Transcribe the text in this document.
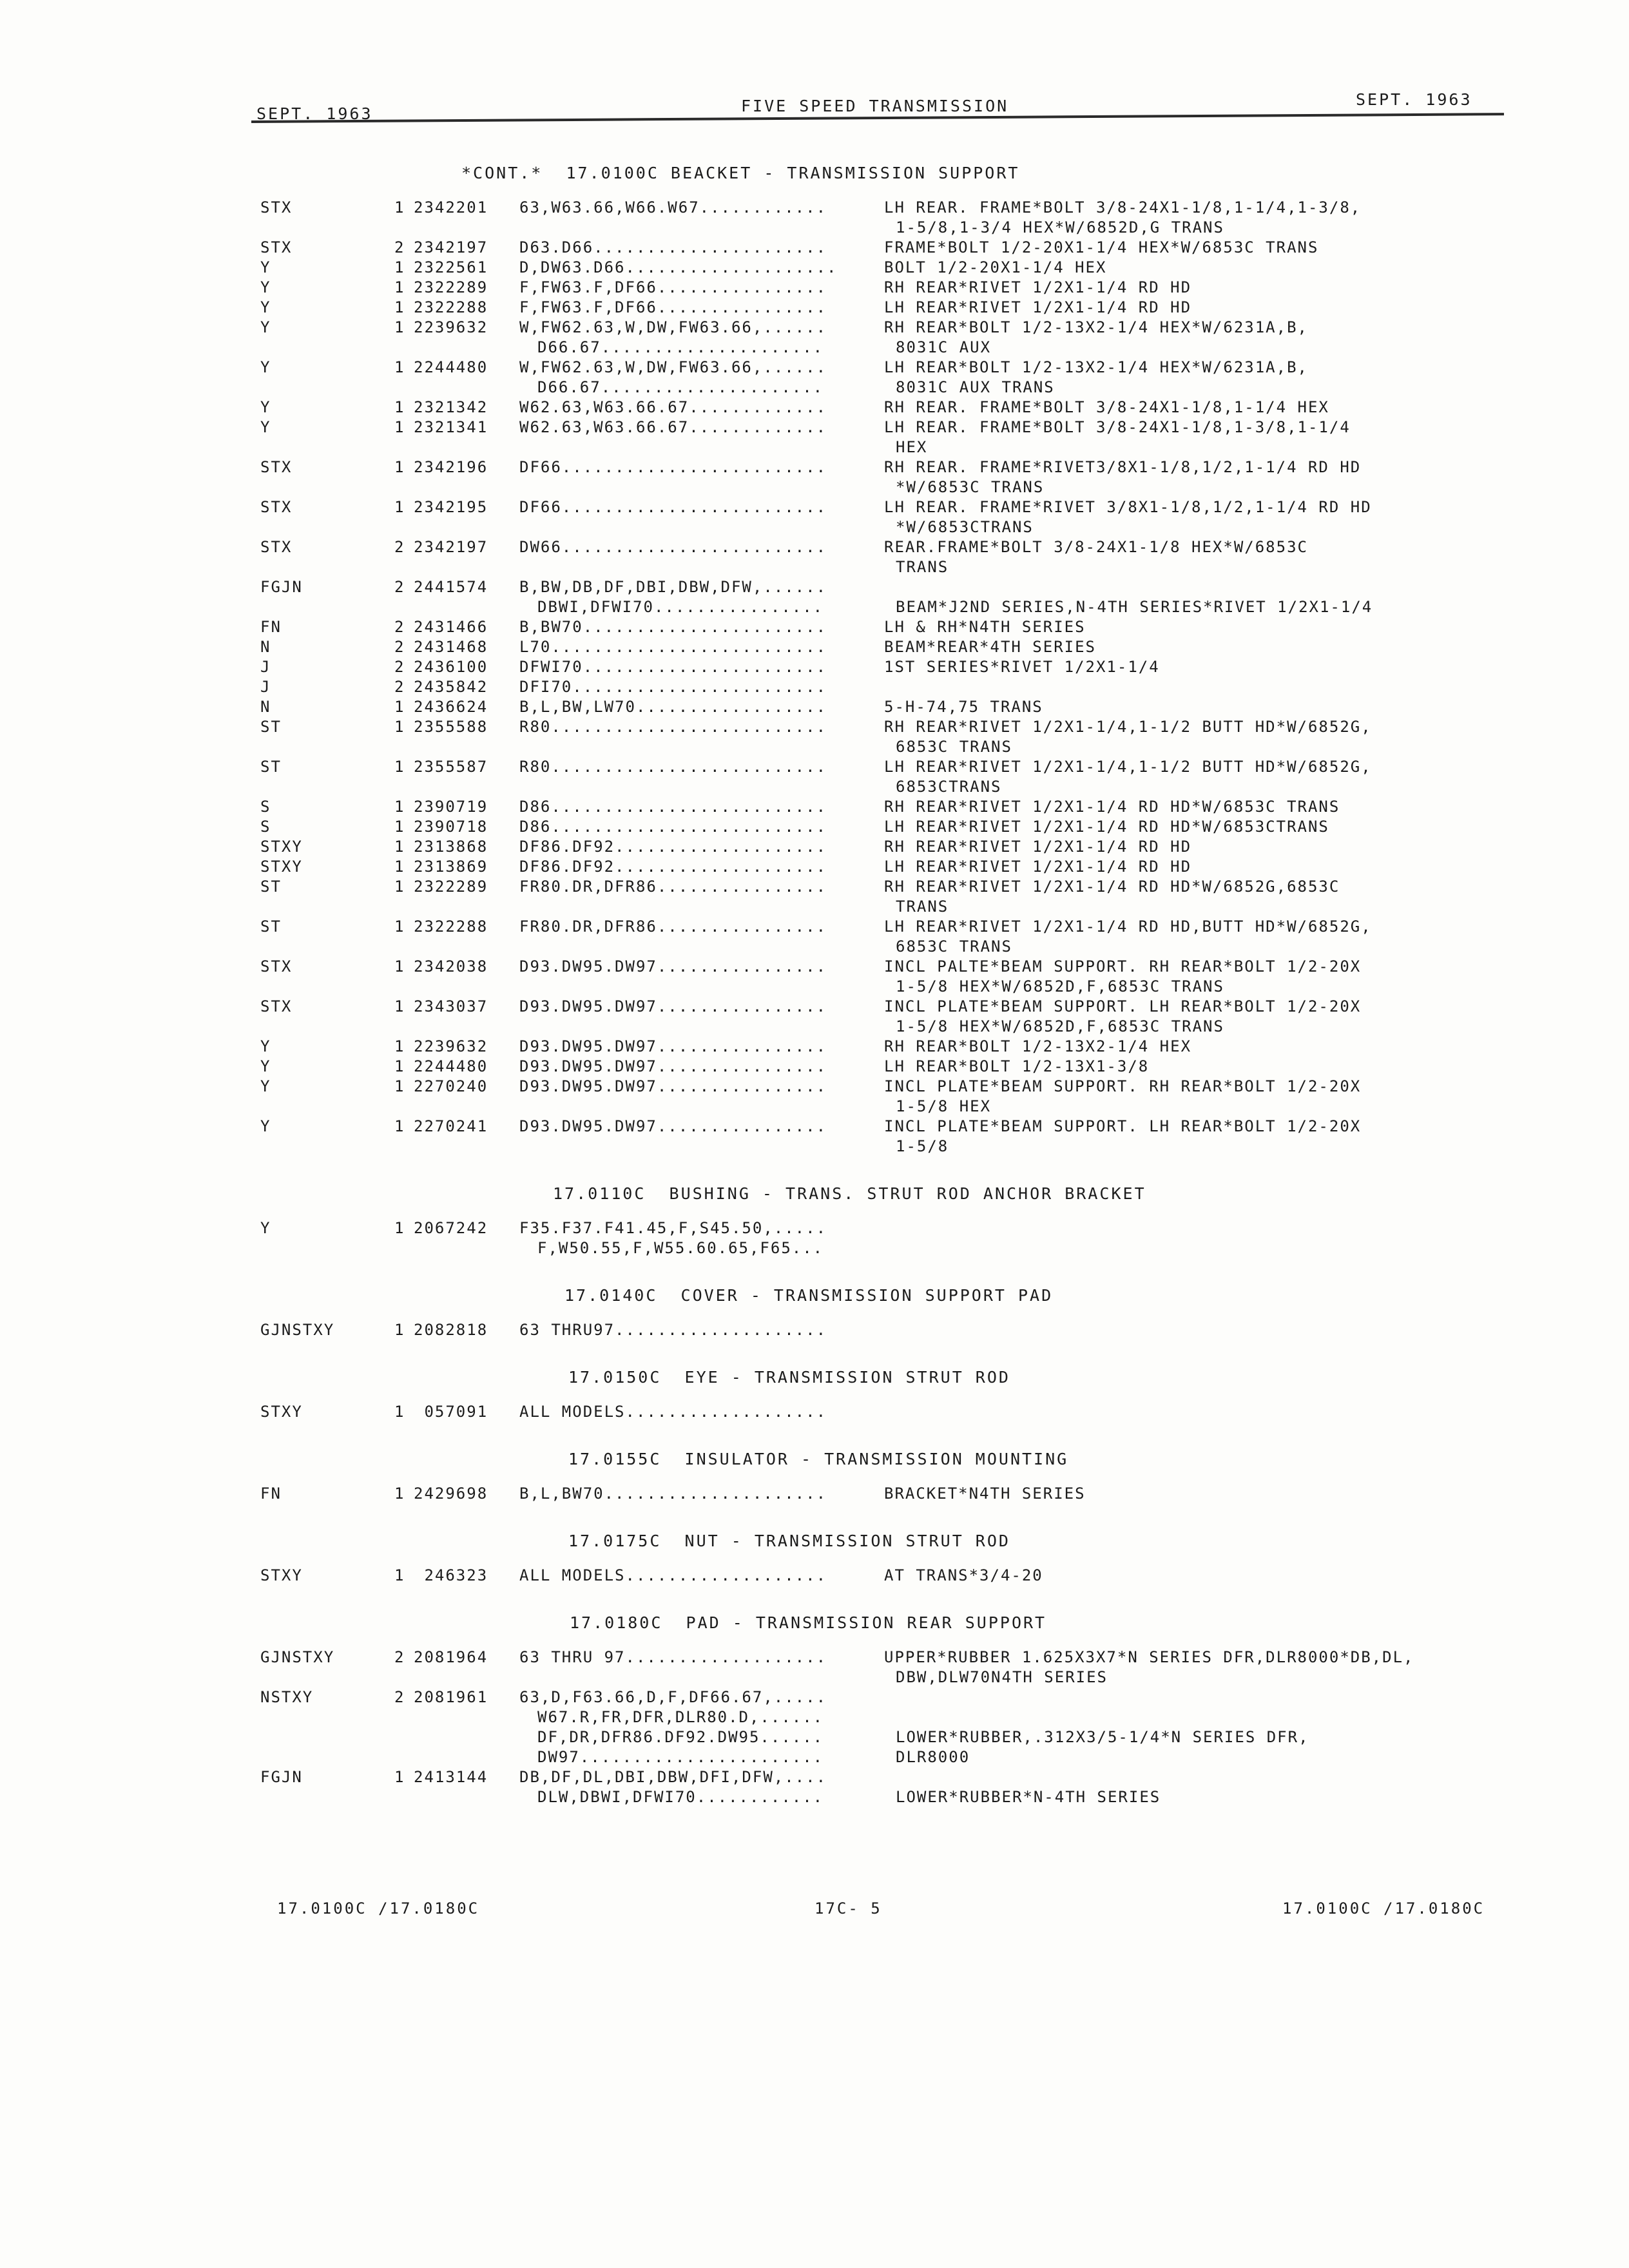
SEPT. 1963	FIVE SPEED TRANSMISSION	SEPT. 1963
*CONT.*  17.0100C BEACKET - TRANSMISSION SUPPORT
STX	1 2342201 63,W63.66,W66.W67............	LH REAR. FRAME*BOLT 3/8-24X1-1/8,1-1/4,1-3/8,
1-5/8,1-3/4 HEX*W/6852D,G TRANS
STX	2 2342197 D63.D66......................	FRAME*BOLT 1/2-20X1-1/4 HEX*W/6853C TRANS
Y	1 2322561 D,DW63.D66....................	BOLT 1/2-20X1-1/4 HEX
Y	1 2322289 F,FW63.F,DF66................	RH REAR*RIVET 1/2X1-1/4 RD HD
Y	1 2322288 F,FW63.F,DF66................	LH REAR*RIVET 1/2X1-1/4 RD HD
Y	1 2239632 W,FW62.63,W,DW,FW63.66,......	RH REAR*BOLT 1/2-13X2-1/4 HEX*W/6231A,B,
D66.67.....................	8031C AUX
Y	1 2244480 W,FW62.63,W,DW,FW63.66,......	LH REAR*BOLT 1/2-13X2-1/4 HEX*W/6231A,B,
D66.67.....................	8031C AUX TRANS
Y	1 2321342 W62.63,W63.66.67.............	RH REAR. FRAME*BOLT 3/8-24X1-1/8,1-1/4 HEX
Y	1 2321341 W62.63,W63.66.67.............	LH REAR. FRAME*BOLT 3/8-24X1-1/8,1-3/8,1-1/4
HEX
STX	1 2342196 DF66.........................	RH REAR. FRAME*RIVET3/8X1-1/8,1/2,1-1/4 RD HD
*W/6853C TRANS
STX	1 2342195 DF66.........................	LH REAR. FRAME*RIVET 3/8X1-1/8,1/2,1-1/4 RD HD
*W/6853CTRANS
STX	2 2342197 DW66.........................	REAR.FRAME*BOLT 3/8-24X1-1/8 HEX*W/6853C
TRANS
FGJN	2 2441574 B,BW,DB,DF,DBI,DBW,DFW,......
DBWI,DFWI70................	BEAM*J2ND SERIES,N-4TH SERIES*RIVET 1/2X1-1/4
FN	2 2431466 B,BW70.......................	LH & RH*N4TH SERIES
N	2 2431468 L70..........................	BEAM*REAR*4TH SERIES
J	2 2436100 DFWI70.......................	1ST SERIES*RIVET 1/2X1-1/4
J	2 2435842 DFI70........................
N	1 2436624 B,L,BW,LW70..................	5-H-74,75 TRANS
ST	1 2355588 R80..........................	RH REAR*RIVET 1/2X1-1/4,1-1/2 BUTT HD*W/6852G,
6853C TRANS
ST	1 2355587 R80..........................	LH REAR*RIVET 1/2X1-1/4,1-1/2 BUTT HD*W/6852G,
6853CTRANS
S	1 2390719 D86..........................	RH REAR*RIVET 1/2X1-1/4 RD HD*W/6853C TRANS
S	1 2390718 D86..........................	LH REAR*RIVET 1/2X1-1/4 RD HD*W/6853CTRANS
STXY	1 2313868 DF86.DF92....................	RH REAR*RIVET 1/2X1-1/4 RD HD
STXY	1 2313869 DF86.DF92....................	LH REAR*RIVET 1/2X1-1/4 RD HD
ST	1 2322289 FR80.DR,DFR86................	RH REAR*RIVET 1/2X1-1/4 RD HD*W/6852G,6853C
TRANS
ST	1 2322288 FR80.DR,DFR86................	LH REAR*RIVET 1/2X1-1/4 RD HD,BUTT HD*W/6852G,
6853C TRANS
STX	1 2342038 D93.DW95.DW97................	INCL PALTE*BEAM SUPPORT. RH REAR*BOLT 1/2-20X
1-5/8 HEX*W/6852D,F,6853C TRANS
STX	1 2343037 D93.DW95.DW97................	INCL PLATE*BEAM SUPPORT. LH REAR*BOLT 1/2-20X
1-5/8 HEX*W/6852D,F,6853C TRANS
Y	1 2239632 D93.DW95.DW97................	RH REAR*BOLT 1/2-13X2-1/4 HEX
Y	1 2244480 D93.DW95.DW97................	LH REAR*BOLT 1/2-13X1-3/8
Y	1 2270240 D93.DW95.DW97................	INCL PLATE*BEAM SUPPORT. RH REAR*BOLT 1/2-20X
1-5/8 HEX
Y	1 2270241 D93.DW95.DW97................	INCL PLATE*BEAM SUPPORT. LH REAR*BOLT 1/2-20X
1-5/8
17.0110C  BUSHING - TRANS. STRUT ROD ANCHOR BRACKET
Y	1 2067242 F35.F37.F41.45,F,S45.50,.....
F,W50.55,F,W55.60.65,F65...
17.0140C  COVER - TRANSMISSION SUPPORT PAD
GJNSTXY	1 2082818 63 THRU97....................
17.0150C  EYE - TRANSMISSION STRUT ROD
STXY	1 057091 ALL MODELS...................
17.0155C  INSULATOR - TRANSMISSION MOUNTING
FN	1 2429698 B,L,BW70.....................	BRACKET*N4TH SERIES
17.0175C  NUT - TRANSMISSION STRUT ROD
STXY	1 246323 ALL MODELS...................	AT TRANS*3/4-20
17.0180C  PAD - TRANSMISSION REAR SUPPORT
GJNSTXY	2 2081964 63 THRU 97...................	UPPER*RUBBER 1.625X3X7*N SERIES DFR,DLR8000*DB,DL,
DBW,DLW70N4TH SERIES
NSTXY	2 2081961 63,D,F63.66,D,F,DF66.67,.....
W67.R,FR,DFR,DLR80.D,......
DF,DR,DFR86.DF92.DW95......	LOWER*RUBBER,.312X3/5-1/4*N SERIES DFR,
DW97.......................	DLR8000
FGJN	1 2413144 DB,DF,DL,DBI,DBW,DFI,DFW,....
DLW,DBWI,DFWI70............	LOWER*RUBBER*N-4TH SERIES
17.0100C /17.0180C	17C- 5	17.0100C /17.0180C
